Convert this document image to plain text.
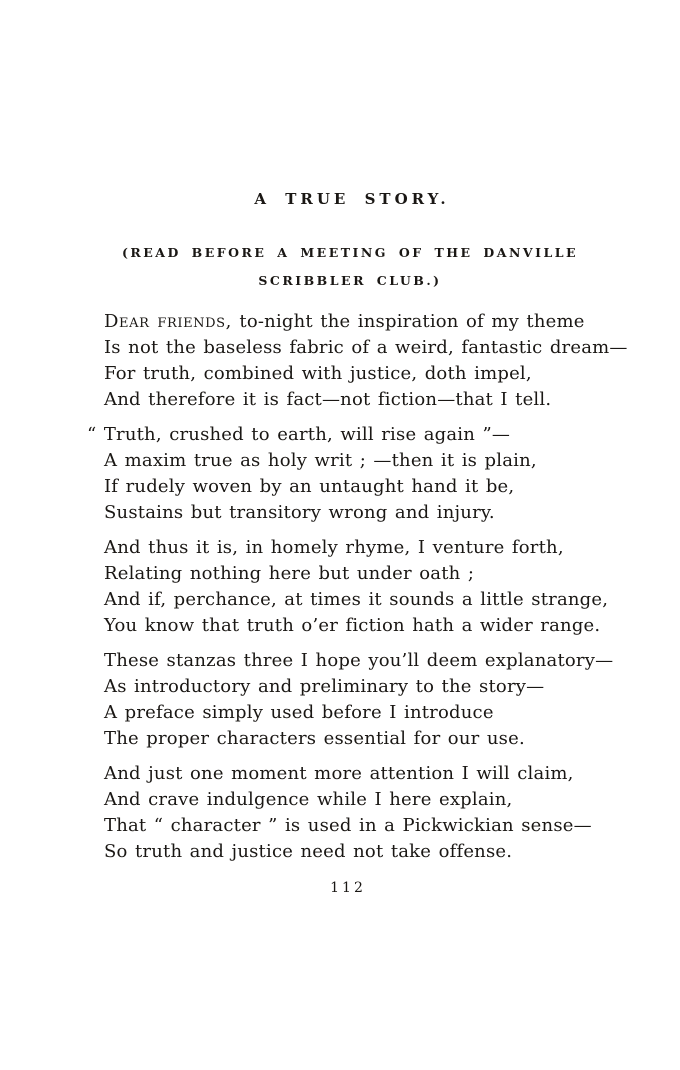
A TRUE STORY.
(READ BEFORE A MEETING OF THE DANVILLE
SCRIBBLER CLUB.)
Dear friends, to-night the inspiration of my theme
Is not the baseless fabric of a weird, fantastic dream—
For truth, combined with justice, doth impel,
And therefore it is fact—not fiction—that I tell.
“ Truth, crushed to earth, will rise again ”—
A maxim true as holy writ ; —then it is plain,
If rudely woven by an untaught hand it be,
Sustains but transitory wrong and injury.
And thus it is, in homely rhyme, I venture forth,
Relating nothing here but under oath ;
And if, perchance, at times it sounds a little strange,
You know that truth o’er fiction hath a wider range.
These stanzas three I hope you’ll deem explanatory—
As introductory and preliminary to the story—
A preface simply used before I introduce
The proper characters essential for our use.
And just one moment more attention I will claim,
And crave indulgence while I here explain,
That “ character ” is used in a Pickwickian sense—
So truth and justice need not take offense.
112
